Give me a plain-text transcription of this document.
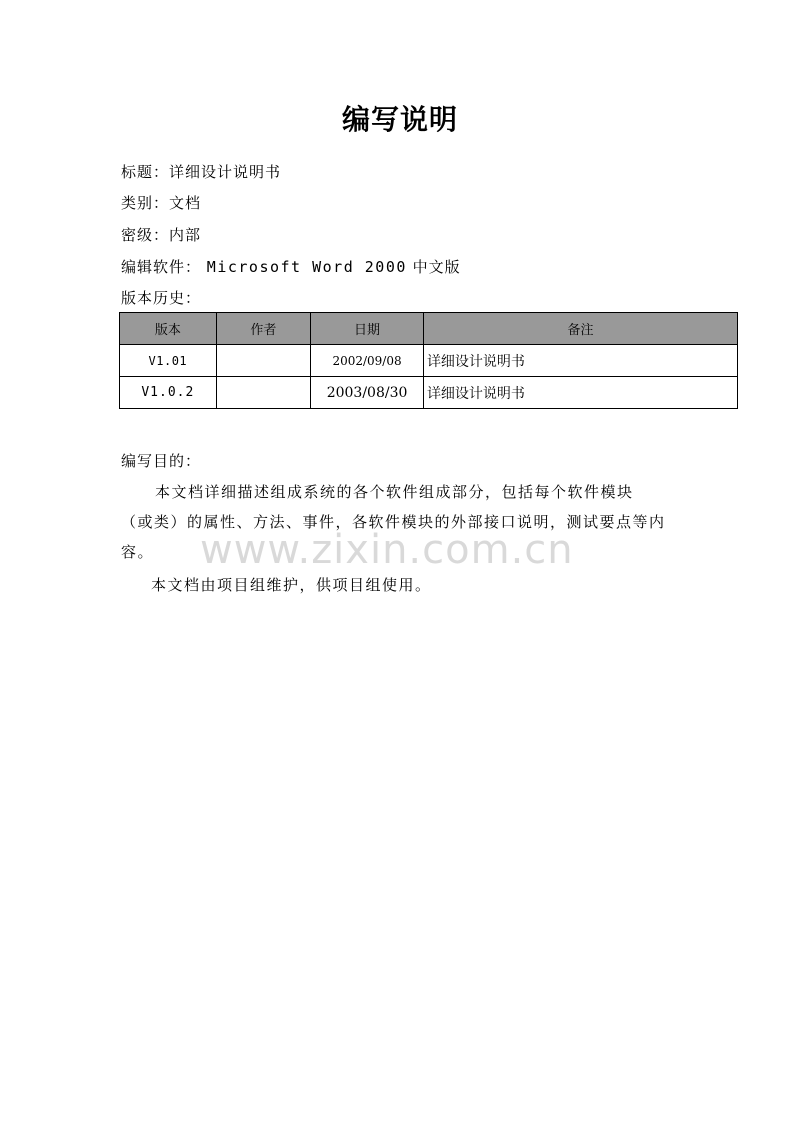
编写说明
标题：详细设计说明书
类别：文档
密级：内部
编辑软件： Microsoft Word 2000 中文版
版本历史：
版本	作者	日期	备注
V1.01		2002/09/08	详细设计说明书
V1.0.2		2003/08/30	详细设计说明书
编写目的：
本文档详细描述组成系统的各个软件组成部分，包括每个软件模块（或类）的属性、方法、事件，各软件模块的外部接口说明，测试要点等内容。
本文档由项目组维护，供项目组使用。
www.zixin.com.cn
